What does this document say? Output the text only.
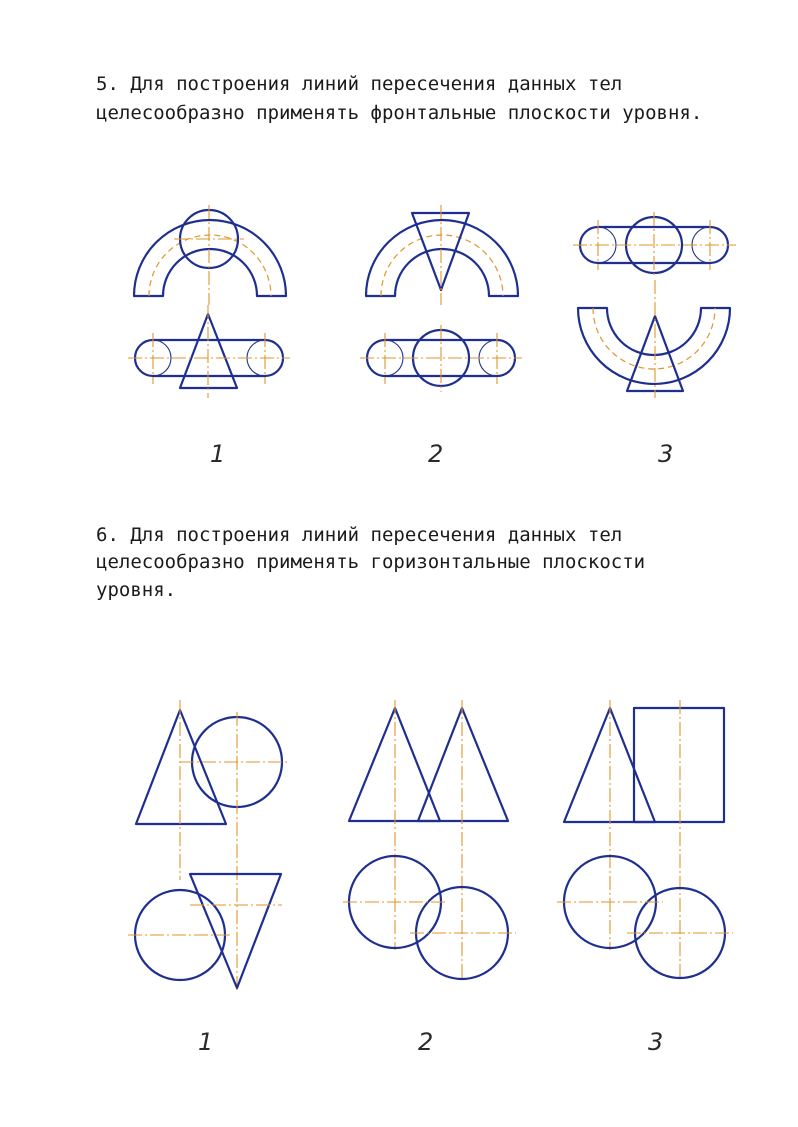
5. Для построения линий пересечения данных тел
целесообразно применять фронтальные плоскости уровня.
6. Для построения линий пересечения данных тел
целесообразно применять горизонтальные плоскости
уровня.
1	2	3
1	2	3
